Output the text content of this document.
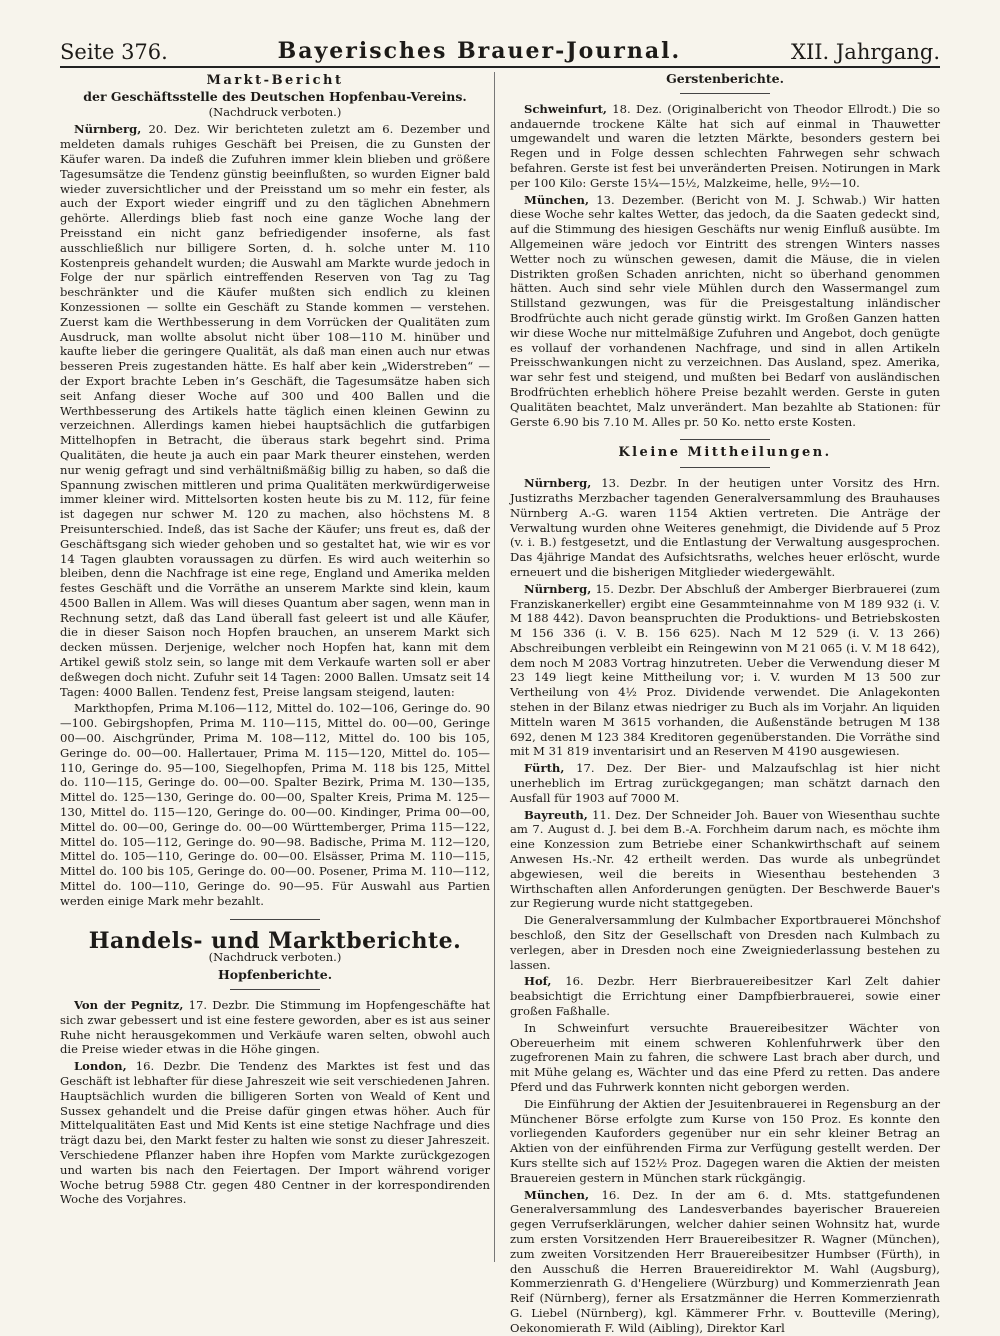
Seite 376.	Bayerisches Brauer-Journal.	XII. Jahrgang.
Markt-Bericht
der Geschäftsstelle des Deutschen Hopfenbau-Vereins.
(Nachdruck verboten.)

Nürnberg, 20. Dez. Wir berichteten zuletzt am 6. Dezember und meldeten damals ruhiges Geschäft bei Preisen, die zu Gunsten der Käufer waren. Da indeß die Zufuhren immer klein blieben und größere Tagesumsätze die Tendenz günstig beeinflußten, so wurden Eigner bald wieder zuversichtlicher und der Preisstand um so mehr ein fester, als auch der Export wieder eingriff und zu den täglichen Abnehmern gehörte. Allerdings blieb fast noch eine ganze Woche lang der Preisstand ein nicht ganz befriedigender insoferne, als fast ausschließlich nur billigere Sorten, d. h. solche unter M. 110 Kostenpreis gehandelt wurden; die Auswahl am Markte wurde jedoch in Folge der nur spärlich eintreffenden Reserven von Tag zu Tag beschränkter und die Käufer mußten sich endlich zu kleinen Konzessionen — sollte ein Geschäft zu Stande kommen — verstehen. Zuerst kam die Werthbesserung in dem Vorrücken der Qualitäten zum Ausdruck, man wollte absolut nicht über 108—110 M. hinüber und kaufte lieber die geringere Qualität, als daß man einen auch nur etwas besseren Preis zugestanden hätte. Es half aber kein „Widerstreben“ — der Export brachte Leben in’s Geschäft, die Tagesumsätze haben sich seit Anfang dieser Woche auf 300 und 400 Ballen und die Werthbesserung des Artikels hatte täglich einen kleinen Gewinn zu verzeichnen. Allerdings kamen hiebei hauptsächlich die gutfarbigen Mittelhopfen in Betracht, die überaus stark begehrt sind. Prima Qualitäten, die heute ja auch ein paar Mark theurer einstehen, werden nur wenig gefragt und sind verhältnißmäßig billig zu haben, so daß die Spannung zwischen mittleren und prima Qualitäten merkwürdigerweise immer kleiner wird. Mittelsorten kosten heute bis zu M. 112, für feine ist dagegen nur schwer M. 120 zu machen, also höchstens M. 8 Preisunterschied. Indeß, das ist Sache der Käufer; uns freut es, daß der Geschäftsgang sich wieder gehoben und so gestaltet hat, wie wir es vor 14 Tagen glaubten voraussagen zu dürfen. Es wird auch weiterhin so bleiben, denn die Nachfrage ist eine rege, England und Amerika melden festes Geschäft und die Vorräthe an unserem Markte sind klein, kaum 4500 Ballen in Allem. Was will dieses Quantum aber sagen, wenn man in Rechnung setzt, daß das Land überall fast geleert ist und alle Käufer, die in dieser Saison noch Hopfen brauchen, an unserem Markt sich decken müssen. Derjenige, welcher noch Hopfen hat, kann mit dem Artikel gewiß stolz sein, so lange mit dem Verkaufe warten soll er aber deßwegen doch nicht. Zufuhr seit 14 Tagen: 2000 Ballen. Umsatz seit 14 Tagen: 4000 Ballen. Tendenz fest, Preise langsam steigend, lauten:

Markthopfen, Prima M.106—112, Mittel do. 102—106, Geringe do. 90—100. Gebirgshopfen, Prima M. 110—115, Mittel do. 00—00, Geringe 00—00. Aischgründer, Prima M. 108—112, Mittel do. 100 bis 105, Geringe do. 00—00. Hallertauer, Prima M. 115—120, Mittel do. 105—110, Geringe do. 95—100, Siegelhopfen, Prima M. 118 bis 125, Mittel do. 110—115, Geringe do. 00—00. Spalter Bezirk, Prima M. 130—135, Mittel do. 125—130, Geringe do. 00—00, Spalter Kreis, Prima M. 125—130, Mittel do. 115—120, Geringe do. 00—00. Kindinger, Prima 00—00, Mittel do. 00—00, Geringe do. 00—00 Württemberger, Prima 115—122, Mittel do. 105—112, Geringe do. 90—98. Badische, Prima M. 112—120, Mittel do. 105—110, Geringe do. 00—00. Elsässer, Prima M. 110—115, Mittel do. 100 bis 105, Geringe do. 00—00. Posener, Prima M. 110—112, Mittel do. 100—110, Geringe do. 90—95. Für Auswahl aus Partien werden einige Mark mehr bezahlt.

Handels- und Marktberichte.
(Nachdruck verboten.)
Hopfenberichte.

Von der Pegnitz, 17. Dezbr. Die Stimmung im Hopfengeschäfte hat sich zwar gebessert und ist eine festere geworden, aber es ist aus seiner Ruhe nicht herausgekommen und Verkäufe waren selten, obwohl auch die Preise wieder etwas in die Höhe gingen.

London, 16. Dezbr. Die Tendenz des Marktes ist fest und das Geschäft ist lebhafter für diese Jahreszeit wie seit verschiedenen Jahren. Hauptsächlich wurden die billigeren Sorten von Weald of Kent und Sussex gehandelt und die Preise dafür gingen etwas höher. Auch für Mittelqualitäten East und Mid Kents ist eine stetige Nachfrage und dies trägt dazu bei, den Markt fester zu halten wie sonst zu dieser Jahreszeit. Verschiedene Pflanzer haben ihre Hopfen vom Markte zurückgezogen und warten bis nach den Feiertagen. Der Import während voriger Woche betrug 5988 Ctr. gegen 480 Centner in der korrespondirenden Woche des Vorjahres.

Gerstenberichte.

Schweinfurt, 18. Dez. (Originalbericht von Theodor Ellrodt.) Die so andauernde trockene Kälte hat sich auf einmal in Thauwetter umgewandelt und waren die letzten Märkte, besonders gestern bei Regen und in Folge dessen schlechten Fahrwegen sehr schwach befahren. Gerste ist fest bei unveränderten Preisen. Notirungen in Mark per 100 Kilo: Gerste 15¼—15½, Malzkeime, helle, 9½—10.

München, 13. Dezember. (Bericht von M. J. Schwab.) Wir hatten diese Woche sehr kaltes Wetter, das jedoch, da die Saaten gedeckt sind, auf die Stimmung des hiesigen Geschäfts nur wenig Einfluß ausübte. Im Allgemeinen wäre jedoch vor Eintritt des strengen Winters nasses Wetter noch zu wünschen gewesen, damit die Mäuse, die in vielen Distrikten großen Schaden anrichten, nicht so überhand genommen hätten. Auch sind sehr viele Mühlen durch den Wassermangel zum Stillstand gezwungen, was für die Preisgestaltung inländischer Brodfrüchte auch nicht gerade günstig wirkt. Im Großen Ganzen hatten wir diese Woche nur mittelmäßige Zufuhren und Angebot, doch genügte es vollauf der vorhandenen Nachfrage, und sind in allen Artikeln Preisschwankungen nicht zu verzeichnen. Das Ausland, spez. Amerika, war sehr fest und steigend, und mußten bei Bedarf von ausländischen Brodfrüchten erheblich höhere Preise bezahlt werden. Gerste in guten Qualitäten beachtet, Malz unverändert. Man bezahlte ab Stationen: für Gerste 6.90 bis 7.10 M. Alles pr. 50 Ko. netto erste Kosten.

Kleine Mittheilungen.

Nürnberg, 13. Dezbr. In der heutigen unter Vorsitz des Hrn. Justizraths Merzbacher tagenden Generalversammlung des Brauhauses Nürnberg A.-G. waren 1154 Aktien vertreten. Die Anträge der Verwaltung wurden ohne Weiteres genehmigt, die Dividende auf 5 Proz (v. i. B.) festgesetzt, und die Entlastung der Verwaltung ausgesprochen. Das 4jährige Mandat des Aufsichtsraths, welches heuer erlöscht, wurde erneuert und die bisherigen Mitglieder wiedergewählt.

Nürnberg, 15. Dezbr. Der Abschluß der Amberger Bierbrauerei (zum Franziskanerkeller) ergibt eine Gesammteinnahme von M 189 932 (i. V. M 188 442). Davon beanspruchten die Produktions- und Betriebskosten M 156 336 (i. V. B. 156 625). Nach M 12 529 (i. V. 13 266) Abschreibungen verbleibt ein Reingewinn von M 21 065 (i. V. M 18 642), dem noch M 2083 Vortrag hinzutreten. Ueber die Verwendung dieser M 23 149 liegt keine Mittheilung vor; i. V. wurden M 13 500 zur Vertheilung von 4½ Proz. Dividende verwendet. Die Anlagekonten stehen in der Bilanz etwas niedriger zu Buch als im Vorjahr. An liquiden Mitteln waren M 3615 vorhanden, die Außenstände betrugen M 138 692, denen M 123 384 Kreditoren gegenüberstanden. Die Vorräthe sind mit M 31 819 inventarisirt und an Reserven M 4190 ausgewiesen.

Fürth, 17. Dez. Der Bier- und Malzaufschlag ist hier nicht unerheblich im Ertrag zurückgegangen; man schätzt darnach den Ausfall für 1903 auf 7000 M.

Bayreuth, 11. Dez. Der Schneider Joh. Bauer von Wiesenthau suchte am 7. August d. J. bei dem B.-A. Forchheim darum nach, es möchte ihm eine Konzession zum Betriebe einer Schankwirthschaft auf seinem Anwesen Hs.-Nr. 42 ertheilt werden. Das wurde als unbegründet abgewiesen, weil die bereits in Wiesenthau bestehenden 3 Wirthschaften allen Anforderungen genügten. Der Beschwerde Bauer's zur Regierung wurde nicht stattgegeben.

Die Generalversammlung der Kulmbacher Exportbrauerei Mönchshof beschloß, den Sitz der Gesellschaft von Dresden nach Kulmbach zu verlegen, aber in Dresden noch eine Zweigniederlassung bestehen zu lassen.

Hof, 16. Dezbr. Herr Bierbrauereibesitzer Karl Zelt dahier beabsichtigt die Errichtung einer Dampfbierbrauerei, sowie einer großen Faßhalle.

In Schweinfurt versuchte Brauereibesitzer Wächter von Obereuerheim mit einem schweren Kohlenfuhrwerk über den zugefrorenen Main zu fahren, die schwere Last brach aber durch, und mit Mühe gelang es, Wächter und das eine Pferd zu retten. Das andere Pferd und das Fuhrwerk konnten nicht geborgen werden.

Die Einführung der Aktien der Jesuitenbrauerei in Regensburg an der Münchener Börse erfolgte zum Kurse von 150 Proz. Es konnte den vorliegenden Kauforders gegenüber nur ein sehr kleiner Betrag an Aktien von der einführenden Firma zur Verfügung gestellt werden. Der Kurs stellte sich auf 152½ Proz. Dagegen waren die Aktien der meisten Brauereien gestern in München stark rückgängig.

München, 16. Dez. In der am 6. d. Mts. stattgefundenen Generalversammlung des Landesverbandes bayerischer Brauereien gegen Verrufserklärungen, welcher dahier seinen Wohnsitz hat, wurde zum ersten Vorsitzenden Herr Brauereibesitzer R. Wagner (München), zum zweiten Vorsitzenden Herr Brauereibesitzer Humbser (Fürth), in den Ausschuß die Herren Brauereidirektor M. Wahl (Augsburg), Kommerzienrath G. d'Hengeliere (Würzburg) und Kommerzienrath Jean Reif (Nürnberg), ferner als Ersatzmänner die Herren Kommerzienrath G. Liebel (Nürnberg), kgl. Kämmerer Frhr. v. Boutteville (Mering), Oekonomierath F. Wild (Aibling), Direktor Karl
